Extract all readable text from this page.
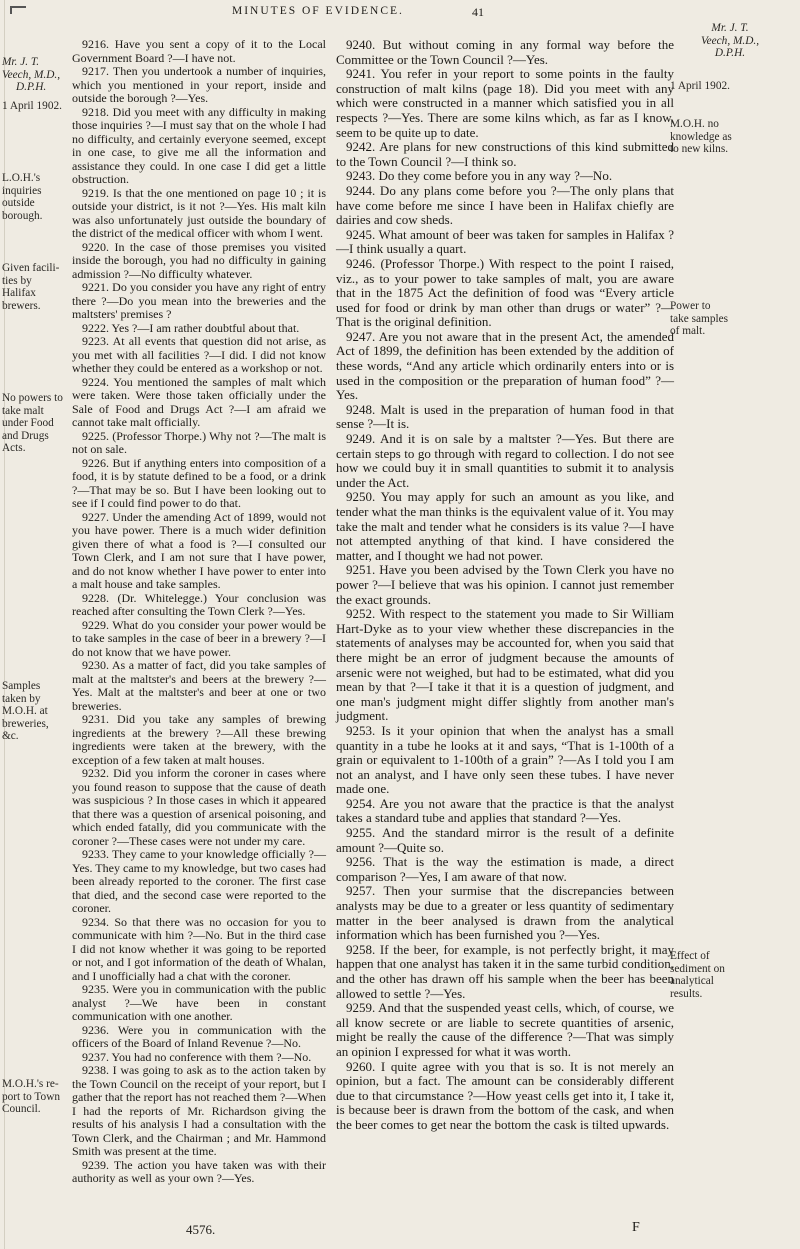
MINUTES OF EVIDENCE.	41

Mr. J. T.

Veech, M.D.,

D.P.H.

1 April 1902.

L.O.H.'s

inquiries

outside

borough.

Given facili-

ties by

Halifax

brewers.

No powers to

take malt

under Food

and Drugs

Acts.

Samples

taken by

M.O.H. at

breweries,

&c.

M.O.H.'s re-

port to Town

Council.

9216. Have you sent a copy of it to the Local Government Board ?—I have not.

9217. Then you undertook a number of inquiries, which you mentioned in your report, inside and outside the borough ?—Yes.

9218. Did you meet with any difficulty in making those inquiries ?—I must say that on the whole I had no difficulty, and certainly everyone seemed, except in one case, to give me all the information and assistance they could. In one case I did get a little obstruction.

9219. Is that the one mentioned on page 10 ; it is outside your district, is it not ?—Yes. His malt kiln was also unfortunately just outside the boundary of the district of the medical officer with whom I went.

9220. In the case of those premises you visited inside the borough, you had no difficulty in gaining admission ?—No difficulty whatever.

9221. Do you consider you have any right of entry there ?—Do you mean into the breweries and the maltsters' premises ?

9222. Yes ?—I am rather doubtful about that.

9223. At all events that question did not arise, as you met with all facilities ?—I did. I did not know whether they could be entered as a workshop or not.

9224. You mentioned the samples of malt which were taken. Were those taken officially under the Sale of Food and Drugs Act ?—I am afraid we cannot take malt officially.

9225. (Professor Thorpe.) Why not ?—The malt is not on sale.

9226. But if anything enters into composition of a food, it is by statute defined to be a food, or a drink ?—That may be so. But I have been looking out to see if I could find power to do that.

9227. Under the amending Act of 1899, would not you have power. There is a much wider definition given there of what a food is ?—I consulted our Town Clerk, and I am not sure that I have power, and do not know whether I have power to enter into a malt house and take samples.

9228. (Dr. Whitelegge.) Your conclusion was reached after consulting the Town Clerk ?—Yes.

9229. What do you consider your power would be to take samples in the case of beer in a brewery ?—I do not know that we have power.

9230. As a matter of fact, did you take samples of malt at the maltster's and beers at the brewery ?—Yes. Malt at the maltster's and beer at one or two breweries.

9231. Did you take any samples of brewing ingredients at the brewery ?—All these brewing ingredients were taken at the brewery, with the exception of a few taken at malt houses.

9232. Did you inform the coroner in cases where you found reason to suppose that the cause of death was suspicious ? In those cases in which it appeared that there was a question of arsenical poisoning, and which ended fatally, did you communicate with the coroner ?—These cases were not under my care.

9233. They came to your knowledge officially ?—Yes. They came to my knowledge, but two cases had been already reported to the coroner. The first case that died, and the second case were reported to the coroner.

9234. So that there was no occasion for you to communicate with him ?—No. But in the third case I did not know whether it was going to be reported or not, and I got information of the death of Whalan, and I unofficially had a chat with the coroner.

9235. Were you in communication with the public analyst ?—We have been in constant communication with one another.

9236. Were you in communication with the officers of the Board of Inland Revenue ?—No.

9237. You had no conference with them ?—No.

9238. I was going to ask as to the action taken by the Town Council on the receipt of your report, but I gather that the report has not reached them ?—When I had the reports of Mr. Richardson giving the results of his analysis I had a consultation with the Town Clerk, and the Chairman ; and Mr. Hammond Smith was present at the time.

9239. The action you have taken was with their authority as well as your own ?—Yes.

9240. But without coming in any formal way before the Committee or the Town Council ?—Yes.

9241. You refer in your report to some points in the faulty construction of malt kilns (page 18). Did you meet with any which were constructed in a manner which satisfied you in all respects ?—Yes. There are some kilns which, as far as I know, seem to be quite up to date.

9242. Are plans for new constructions of this kind submitted to the Town Council ?—I think so.

9243. Do they come before you in any way ?—No.

9244. Do any plans come before you ?—The only plans that have come before me since I have been in Halifax chiefly are dairies and cow sheds.

9245. What amount of beer was taken for samples in Halifax ?—I think usually a quart.

9246. (Professor Thorpe.) With respect to the point I raised, viz., as to your power to take samples of malt, you are aware that in the 1875 Act the definition of food was “Every article used for food or drink by man other than drugs or water” ?—That is the original definition.

9247. Are you not aware that in the present Act, the amended Act of 1899, the definition has been extended by the addition of these words, “And any article which ordinarily enters into or is used in the composition or the preparation of human food” ?—Yes.

9248. Malt is used in the preparation of human food in that sense ?—It is.

9249. And it is on sale by a maltster ?—Yes. But there are certain steps to go through with regard to collection. I do not see how we could buy it in small quantities to submit it to analysis under the Act.

9250. You may apply for such an amount as you like, and tender what the man thinks is the equivalent value of it. You may take the malt and tender what he considers is its value ?—I have not attempted anything of that kind. I have considered the matter, and I thought we had not power.

9251. Have you been advised by the Town Clerk you have no power ?—I believe that was his opinion. I cannot just remember the exact grounds.

9252. With respect to the statement you made to Sir William Hart-Dyke as to your view whether these discrepancies in the statements of analyses may be accounted for, when you said that there might be an error of judgment because the amounts of arsenic were not weighed, but had to be estimated, what did you mean by that ?—I take it that it is a question of judgment, and one man's judgment might differ slightly from another man's judgment.

9253. Is it your opinion that when the analyst has a small quantity in a tube he looks at it and says, “That is 1-100th of a grain or equivalent to 1-100th of a grain” ?—As I told you I am not an analyst, and I have only seen these tubes. I have never made one.

9254. Are you not aware that the practice is that the analyst takes a standard tube and applies that standard ?—Yes.

9255. And the standard mirror is the result of a definite amount ?—Quite so.

9256. That is the way the estimation is made, a direct comparison ?—Yes, I am aware of that now.

9257. Then your surmise that the discrepancies between analysts may be due to a greater or less quantity of sedimentary matter in the beer analysed is drawn from the analytical information which has been furnished you ?—Yes.

9258. If the beer, for example, is not perfectly bright, it may happen that one analyst has taken it in the same turbid condition, and the other has drawn off his sample when the beer has been allowed to settle ?—Yes.

9259. And that the suspended yeast cells, which, of course, we all know secrete or are liable to secrete quantities of arsenic, might be really the cause of the difference ?—That was simply an opinion I expressed for what it was worth.

9260. I quite agree with you that is so. It is not merely an opinion, but a fact. The amount can be considerably different due to that circumstance ?—How yeast cells get into it, I take it, is because beer is drawn from the bottom of the cask, and when the beer comes to get near the bottom the cask is tilted upwards.

Mr. J. T.

Veech, M.D.,

D.P.H.

1 April 1902.

M.O.H. no

knowledge as

to new kilns.

Power to

take samples

of malt.

Effect of

sediment on

analytical

results.

4576.	F
